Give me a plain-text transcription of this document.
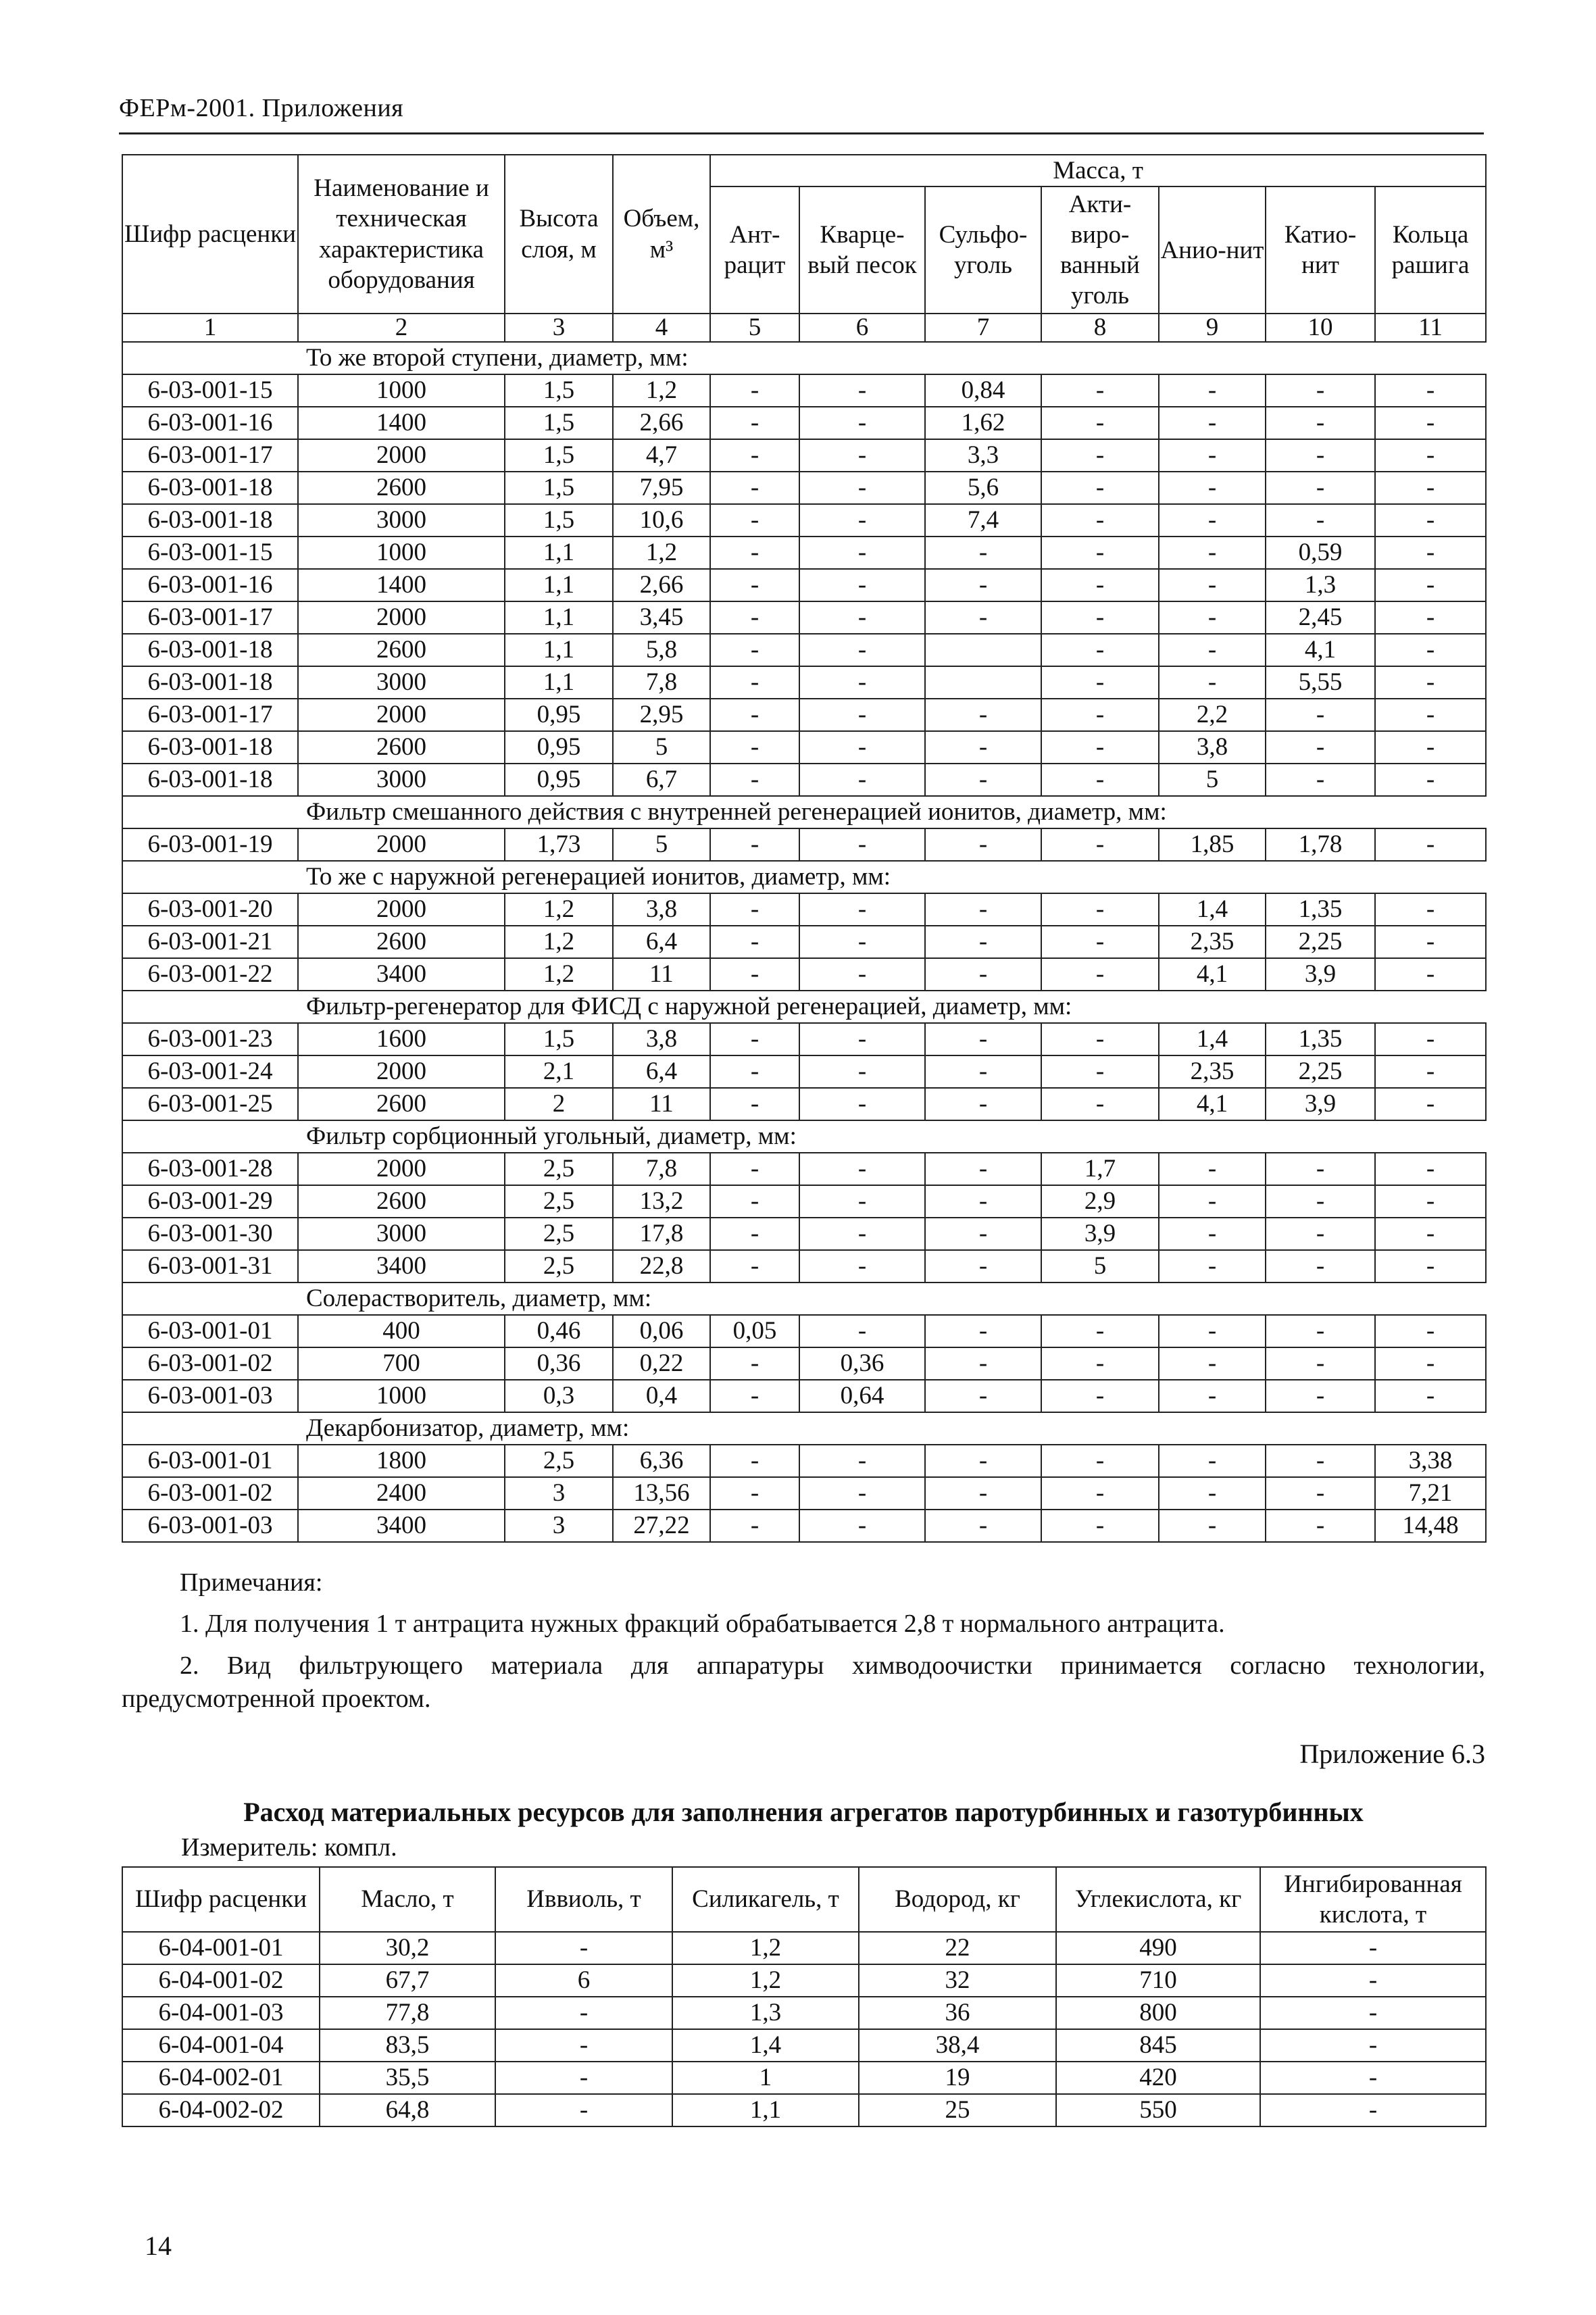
ФЕРм-2001. Приложения
Шифр расценки	Наименование и техническая характеристика оборудования	Высота слоя, м	Объем, м³	Масса, т						
				Ант-рацит	Кварце-вый песок	Сульфо-уголь	Акти-виро-ванный уголь	Анио-нит	Катио-нит	Кольца рашига
1	2	3	4	5	6	7	8	9	10	11
	То же второй ступени, диаметр, мм:									
6-03-001-15	1000	1,5	1,2	-	-	0,84	-	-	-	-
6-03-001-16	1400	1,5	2,66	-	-	1,62	-	-	-	-
6-03-001-17	2000	1,5	4,7	-	-	3,3	-	-	-	-
6-03-001-18	2600	1,5	7,95	-	-	5,6	-	-	-	-
6-03-001-18	3000	1,5	10,6	-	-	7,4	-	-	-	-
6-03-001-15	1000	1,1	1,2	-	-	-	-	-	0,59	-
6-03-001-16	1400	1,1	2,66	-	-	-	-	-	1,3	-
6-03-001-17	2000	1,1	3,45	-	-	-	-	-	2,45	-
6-03-001-18	2600	1,1	5,8	-	-		-	-	4,1	-
6-03-001-18	3000	1,1	7,8	-	-		-	-	5,55	-
6-03-001-17	2000	0,95	2,95	-	-	-	-	2,2	-	-
6-03-001-18	2600	0,95	5	-	-	-	-	3,8	-	-
6-03-001-18	3000	0,95	6,7	-	-	-	-	5	-	-
	Фильтр смешанного действия с внутренней регенерацией ионитов, диаметр, мм:									
6-03-001-19	2000	1,73	5	-	-	-	-	1,85	1,78	-
	То же с наружной регенерацией ионитов, диаметр, мм:									
6-03-001-20	2000	1,2	3,8	-	-	-	-	1,4	1,35	-
6-03-001-21	2600	1,2	6,4	-	-	-	-	2,35	2,25	-
6-03-001-22	3400	1,2	11	-	-	-	-	4,1	3,9	-
	Фильтр-регенератор для ФИСД с наружной регенерацией, диаметр, мм:									
6-03-001-23	1600	1,5	3,8	-	-	-	-	1,4	1,35	-
6-03-001-24	2000	2,1	6,4	-	-	-	-	2,35	2,25	-
6-03-001-25	2600	2	11	-	-	-	-	4,1	3,9	-
	Фильтр сорбционный угольный, диаметр, мм:									
6-03-001-28	2000	2,5	7,8	-	-	-	1,7	-	-	-
6-03-001-29	2600	2,5	13,2	-	-	-	2,9	-	-	-
6-03-001-30	3000	2,5	17,8	-	-	-	3,9	-	-	-
6-03-001-31	3400	2,5	22,8	-	-	-	5	-	-	-
	Солерастворитель, диаметр, мм:									
6-03-001-01	400	0,46	0,06	0,05	-	-	-	-	-	-
6-03-001-02	700	0,36	0,22	-	0,36	-	-	-	-	-
6-03-001-03	1000	0,3	0,4	-	0,64	-	-	-	-	-
	Декарбонизатор, диаметр, мм:									
6-03-001-01	1800	2,5	6,36	-	-	-	-	-	-	3,38
6-03-001-02	2400	3	13,56	-	-	-	-	-	-	7,21
6-03-001-03	3400	3	27,22	-	-	-	-	-	-	14,48

Примечания:

1. Для получения 1 т антрацита нужных фракций обрабатывается 2,8 т нормального антрацита.

2. Вид фильтрующего материала для аппаратуры химводоочистки принимается согласно технологии, предусмотренной проектом.

Приложение 6.3
Расход материальных ресурсов для заполнения агрегатов паротурбинных и газотурбинных
Измеритель: компл.
Шифр расценки	Масло, т	Иввиоль, т	Силикагель, т	Водород, кг	Углекислота, кг	Ингибированная кислота, т
6-04-001-01	30,2	-	1,2	22	490	-
6-04-001-02	67,7	6	1,2	32	710	-
6-04-001-03	77,8	-	1,3	36	800	-
6-04-001-04	83,5	-	1,4	38,4	845	-
6-04-002-01	35,5	-	1	19	420	-
6-04-002-02	64,8	-	1,1	25	550	-
14
